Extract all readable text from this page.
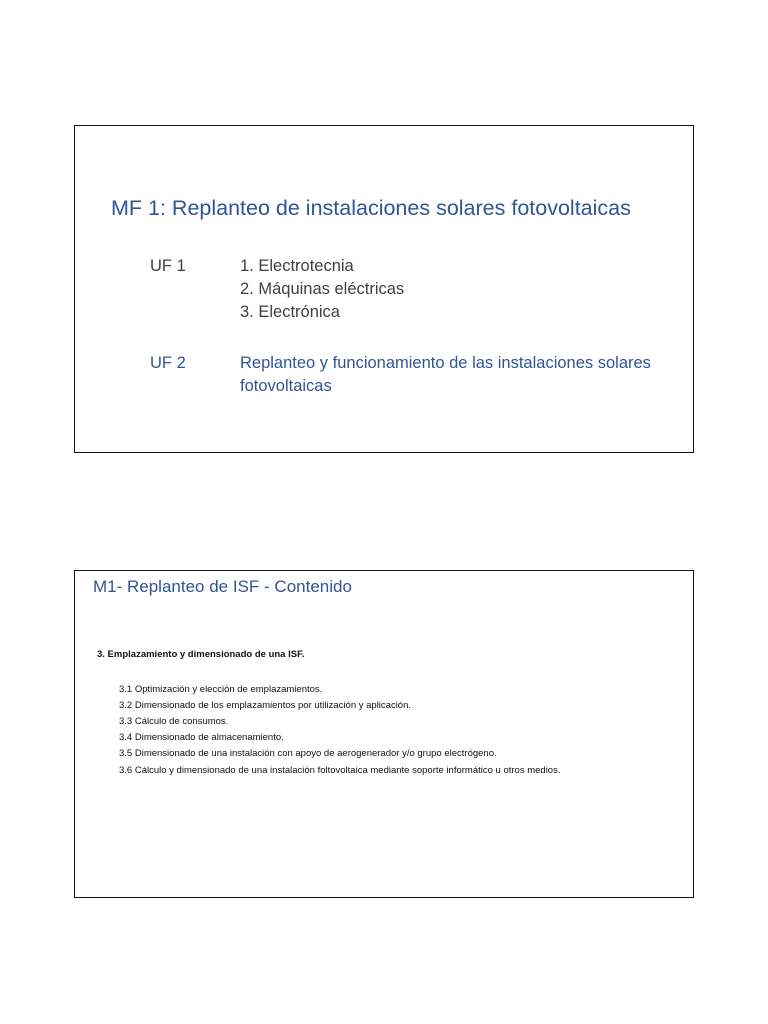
MF 1: Replanteo de instalaciones solares fotovoltaicas
UF 1	1. Electrotecnia
2. Máquinas eléctricas
3. Electrónica
UF 2	Replanteo y funcionamiento de las instalaciones solares fotovoltaicas
M1- Replanteo de ISF - Contenido
3. Emplazamiento y dimensionado de una ISF.
3.1 Optimización y elección de emplazamientos.
3.2 Dimensionado de los emplazamientos por utilización y aplicación.
3.3 Cálculo de consumos.
3.4 Dimensionado de almacenamiento.
3.5 Dimensionado de una instalación con apoyo de aerogenerador y/o grupo electrógeno.
3.6 Cálculo y dimensionado de una instalación foltovoltaica mediante soporte informático u otros medios.
